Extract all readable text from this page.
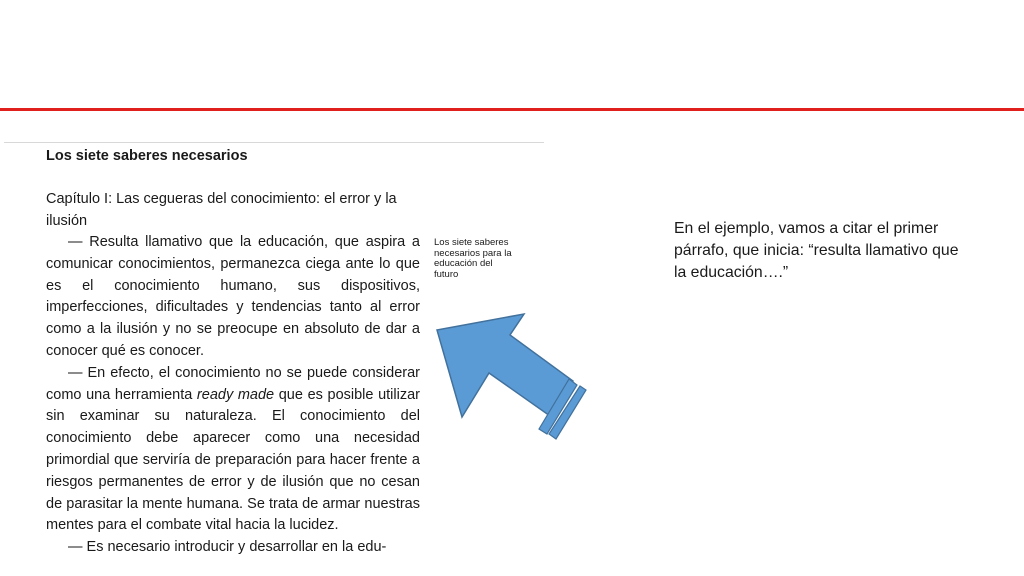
Los siete saberes necesarios

Capítulo I: Las cegueras del conocimiento: el error y la ilusión

— Resulta llamativo que la educación, que aspira a comunicar conocimientos, permanezca ciega ante lo que es el conocimiento humano, sus dispositivos, imperfecciones, dificultades y tendencias tanto al error como a la ilusión y no se preocupe en absoluto de dar a conocer qué es conocer.

— En efecto, el conocimiento no se puede considerar como una herramienta ready made que es posible utilizar sin examinar su naturaleza. El conocimiento del conocimiento debe aparecer como una necesidad primordial que serviría de preparación para hacer frente a riesgos permanentes de error y de ilusión que no cesan de parasitar la mente humana. Se trata de armar nuestras mentes para el combate vital hacia la lucidez.

— Es necesario introducir y desarrollar en la edu-

Los siete saberes necesarios para la educación del futuro

En el ejemplo, vamos a citar el primer párrafo, que inicia: “resulta llamativo que la educación….”
